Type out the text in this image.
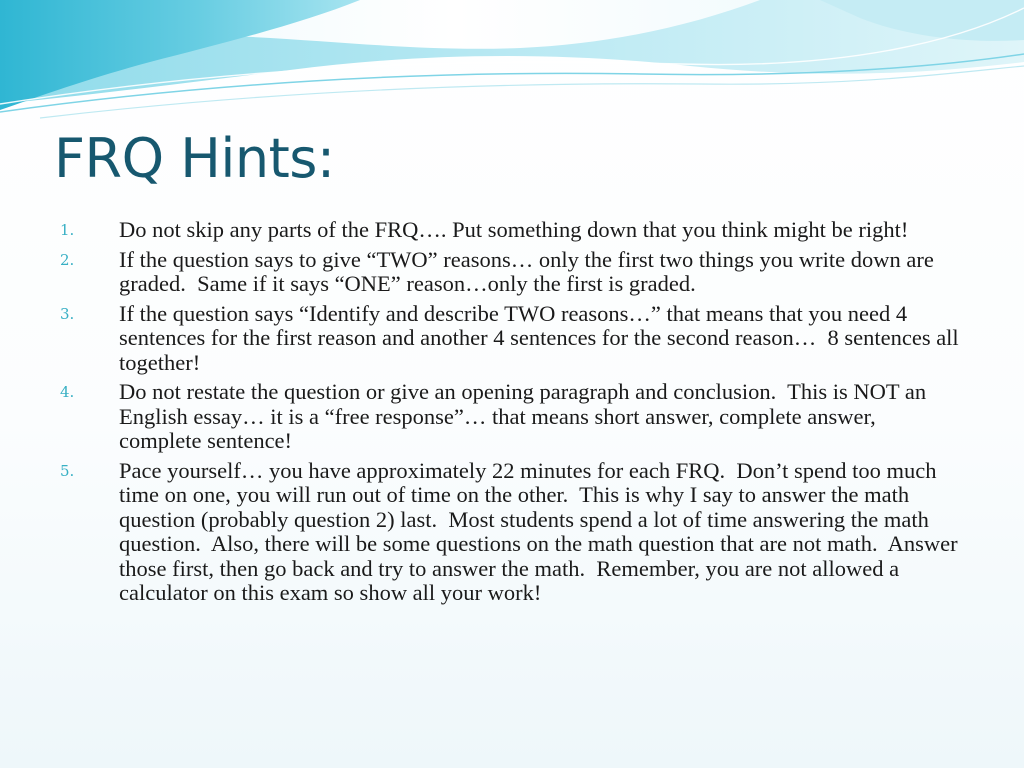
FRQ Hints:
1.	Do not skip any parts of the FRQ…. Put something down that you think might be right!
2.	If the question says to give “TWO” reasons… only the first two things you write down are graded.  Same if it says “ONE” reason…only the first is graded.
3.	If the question says “Identify and describe TWO reasons…” that means that you need 4 sentences for the first reason and another 4 sentences for the second reason…  8 sentences all together!
4.	Do not restate the question or give an opening paragraph and conclusion.  This is NOT an English essay… it is a “free response”… that means short answer, complete answer, complete sentence!
5.	Pace yourself… you have approximately 22 minutes for each FRQ.  Don’t spend too much time on one, you will run out of time on the other.  This is why I say to answer the math question (probably question 2) last.  Most students spend a lot of time answering the math question.  Also, there will be some questions on the math question that are not math.  Answer those first, then go back and try to answer the math.  Remember, you are not allowed a calculator on this exam so show all your work!
